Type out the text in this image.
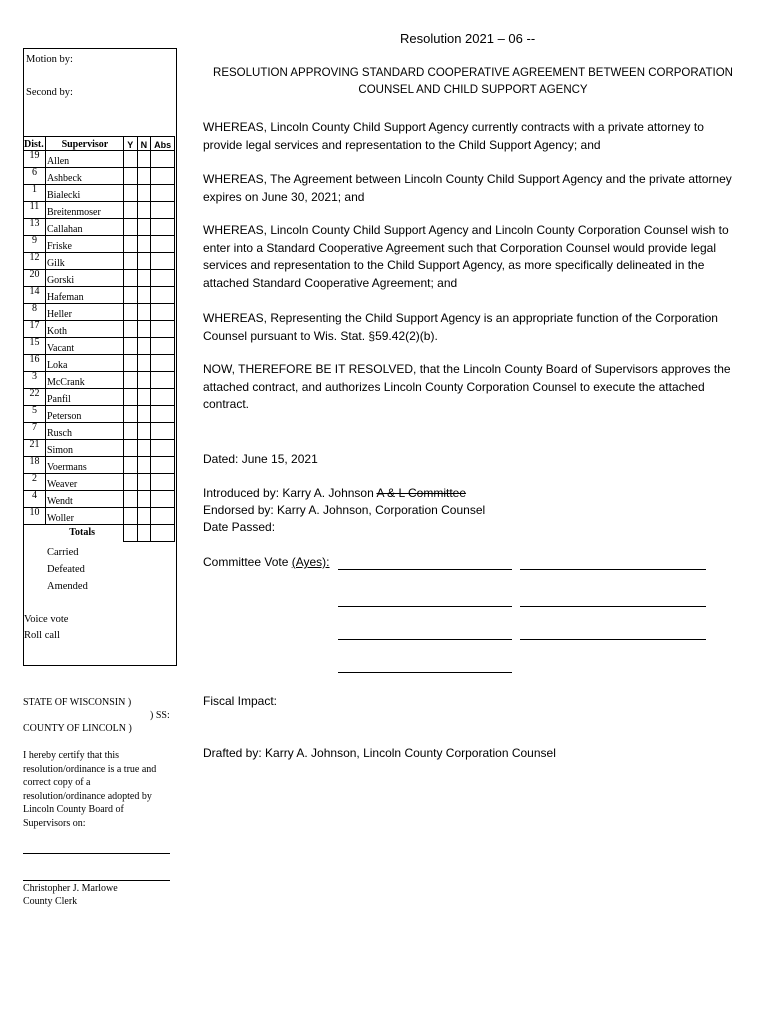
Motion by:
Second by:
Dist.	Supervisor	Y	N	Abs
19	Allen			
6	Ashbeck			
1	Bialecki			
11	Breitenmoser			
13	Callahan			
9	Friske			
12	Gilk			
20	Gorski			
14	Hafeman			
8	Heller			
17	Koth			
15	Vacant			
16	Loka			
3	McCrank			
22	Panfil			
5	Peterson			
7	Rusch			
21	Simon			
18	Voermans			
2	Weaver			
4	Wendt			
10	Woller			
Totals				
Carried
Defeated
Amended
Voice vote
Roll call
STATE OF WISCONSIN )
) SS:
COUNTY OF LINCOLN )
I hereby certify that this resolution/ordinance is a true and correct copy of a resolution/ordinance adopted by Lincoln County Board of Supervisors on:
Christopher J. Marlowe
County Clerk
Resolution 2021 – 06 --
RESOLUTION APPROVING STANDARD COOPERATIVE AGREEMENT BETWEEN CORPORATION
COUNSEL AND CHILD SUPPORT AGENCY
WHEREAS, Lincoln County Child Support Agency currently contracts with a private attorney to provide legal services and representation to the Child Support Agency; and
WHEREAS, The Agreement between Lincoln County Child Support Agency and the private attorney expires on June 30, 2021; and
WHEREAS, Lincoln County Child Support Agency and Lincoln County Corporation Counsel wish to enter into a Standard Cooperative Agreement such that Corporation Counsel would provide legal services and representation to the Child Support Agency, as more specifically delineated in the attached Standard Cooperative Agreement; and
WHEREAS, Representing the Child Support Agency is an appropriate function of the Corporation Counsel pursuant to Wis. Stat. §59.42(2)(b).
NOW, THEREFORE BE IT RESOLVED, that the Lincoln County Board of Supervisors approves the attached contract, and authorizes Lincoln County Corporation Counsel to execute the attached contract.
Dated: June 15, 2021
Introduced by: Karry A. Johnson A & L Committee
Endorsed by: Karry A. Johnson, Corporation Counsel
Date Passed:
Committee Vote (Ayes):
Fiscal Impact:
Drafted by: Karry A. Johnson, Lincoln County Corporation Counsel
